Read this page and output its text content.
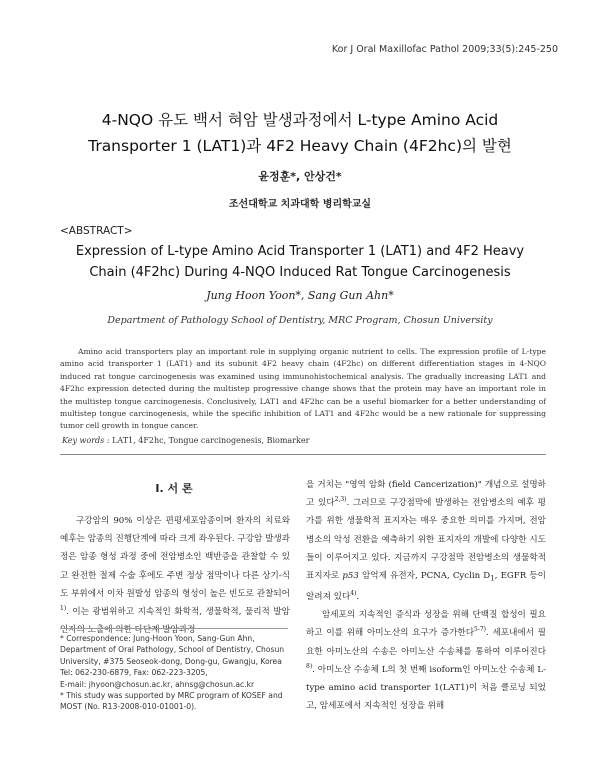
Kor J Oral Maxillofac Pathol 2009;33(5):245-250
4-NQO 유도 백서 혀암 발생과정에서 L-type Amino Acid
Transporter 1 (LAT1)과 4F2 Heavy Chain (4F2hc)의 발현
윤정훈*, 안상건*
조선대학교 치과대학 병리학교실
<ABSTRACT>
Expression of L-type Amino Acid Transporter 1 (LAT1) and 4F2 Heavy
Chain (4F2hc) During 4-NQO Induced Rat Tongue Carcinogenesis
Jung Hoon Yoon*, Sang Gun Ahn*
Department of Pathology School of Dentistry, MRC Program, Chosun University
Amino acid transporters play an important role in supplying organic nutrient to cells. The expression profile of L-type amino acid transporter 1 (LAT1) and its subunit 4F2 heavy chain (4F2hc) on different differentiation stages in 4-NQO induced rat tongue carcinogenesis was examined using immunohistochemical analysis. The gradually increasing LAT1 and 4F2hc expression detected during the multistep progressive change shows that the protein may have an important role in the multistep tongue carcinogenesis. Conclusively, LAT1 and 4F2hc can be a useful biomarker for a better understanding of multistep tongue carcinogenesis, while the specific inhibition of LAT1 and 4F2hc would be a new rationale for suppressing tumor cell growth in tongue cancer.
Key words : LAT1, 4F2hc, Tongue carcinogenesis, Biomarker
I. 서 론

구강암의 90% 이상은 편평세포암종이며 환자의 치료와 예후는 암종의 진행단계에 따라 크게 좌우된다. 구강암 발생과정은 암종 형성 과정 중에 전암병소인 백반증을 관찰할 수 있고 완전한 절제 수술 후에도 주변 정상 점막이나 다른 상기-식도 부위에서 이차 원발성 암종의 형성이 높은 빈도로 관찰되어$^{1)}$. 이는 광범위하고 지속적인 화학적, 생물학적, 물리적 발암 인자의 노출에 의한 다단계 발암과정

을 거치는 "영역 암화 (field Cancerization)" 개념으로 설명하고 있다$^{2,3)}$. 그러므로 구강점막에 발생하는 전암병소의 예후 평가를 위한 생물학적 표지자는 매우 중요한 의미를 가지며, 전암병소의 악성 전환을 예측하기 위한 표지자의 개발에 다양한 시도들이 이루어지고 있다. 지금까지 구강점막 전암병소의 생물학적 표지자로 p53 암억제 유전자, PCNA, Cyclin $D_1$, EGFR 등이 알려져 있다$^{4)}$.

암세포의 지속적인 증식과 성장을 위해 단백질 합성이 필요하고 이를 위해 아미노산의 요구가 증가한다$^{5-7)}$. 세포내에서 필요한 아미노산의 수송은 아미노산 수송체를 통하여 이루어진다$^{8)}$. 아미노산 수송체 L의 첫 번째 isoform인 아미노산 수송체 L-type amino acid transporter 1(LAT1)이 처음 클로닝 되었고, 암세포에서 지속적인 성장을 위해

* Correspondence: Jung-Hoon Yoon, Sang-Gun Ahn, Department of Oral Pathology, School of Dentistry, Chosun University, #375 Seoseok-dong, Dong-gu, Gwangju, Korea

Tel: 062-230-6879, Fax: 062-223-3205,

E-mail: jhyoon@chosun.ac.kr, ahnsg@chosun.ac.kr

* This study was supported by MRC program of KOSEF and MOST (No. R13-2008-010-01001-0).
